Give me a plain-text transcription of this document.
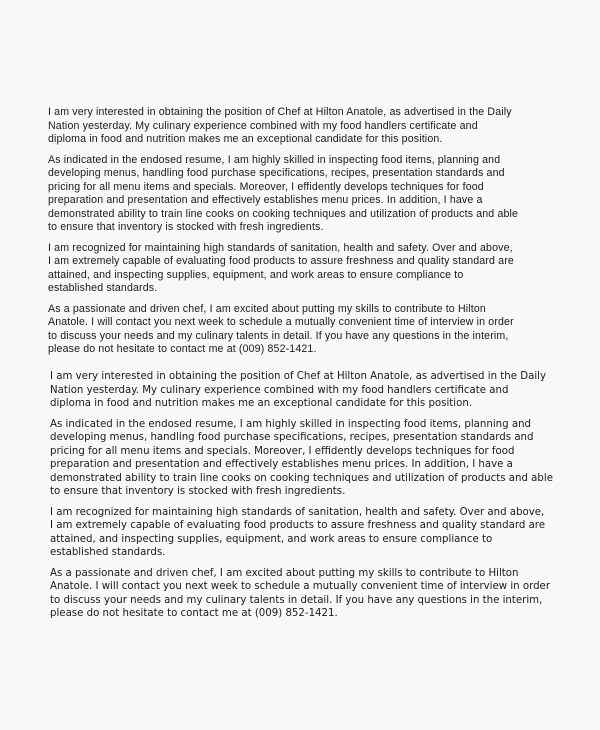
I am very interested in obtaining the position of Chef at Hilton Anatole, as advertised in the Daily
Nation yesterday. My culinary experience combined with my food handlers certificate and
diploma in food and nutrition makes me an exceptional candidate for this position.

As indicated in the endosed resume, I am highly skilled in inspecting food items, planning and
developing menus, handling food purchase specifications, recipes, presentation standards and
pricing for all menu items and specials. Moreover, I effidently develops techniques for food
preparation and presentation and effectively establishes menu prices. In addition, I have a
demonstrated ability to train line cooks on cooking techniques and utilization of products and able
to ensure that inventory is stocked with fresh ingredients.

I am recognized for maintaining high standards of sanitation, health and safety. Over and above,
I am extremely capable of evaluating food products to assure freshness and quality standard are
attained, and inspecting supplies, equipment, and work areas to ensure compliance to
established standards.

As a passionate and driven chef, I am excited about putting my skills to contribute to Hilton
Anatole. I will contact you next week to schedule a mutually convenient time of interview in order
to discuss your needs and my culinary talents in detail. If you have any questions in the interim,
please do not hesitate to contact me at (009) 852-1421.

I am very interested in obtaining the position of Chef at Hilton Anatole, as advertised in the Daily
Nation yesterday. My culinary experience combined with my food handlers certificate and
diploma in food and nutrition makes me an exceptional candidate for this position.

As indicated in the endosed resume, I am highly skilled in inspecting food items, planning and
developing menus, handling food purchase specifications, recipes, presentation standards and
pricing for all menu items and specials. Moreover, I effidently develops techniques for food
preparation and presentation and effectively establishes menu prices. In addition, I have a
demonstrated ability to train line cooks on cooking techniques and utilization of products and able
to ensure that inventory is stocked with fresh ingredients.

I am recognized for maintaining high standards of sanitation, health and safety. Over and above,
I am extremely capable of evaluating food products to assure freshness and quality standard are
attained, and inspecting supplies, equipment, and work areas to ensure compliance to
established standards.

As a passionate and driven chef, I am excited about putting my skills to contribute to Hilton
Anatole. I will contact you next week to schedule a mutually convenient time of interview in order
to discuss your needs and my culinary talents in detail. If you have any questions in the interim,
please do not hesitate to contact me at (009) 852-1421.
